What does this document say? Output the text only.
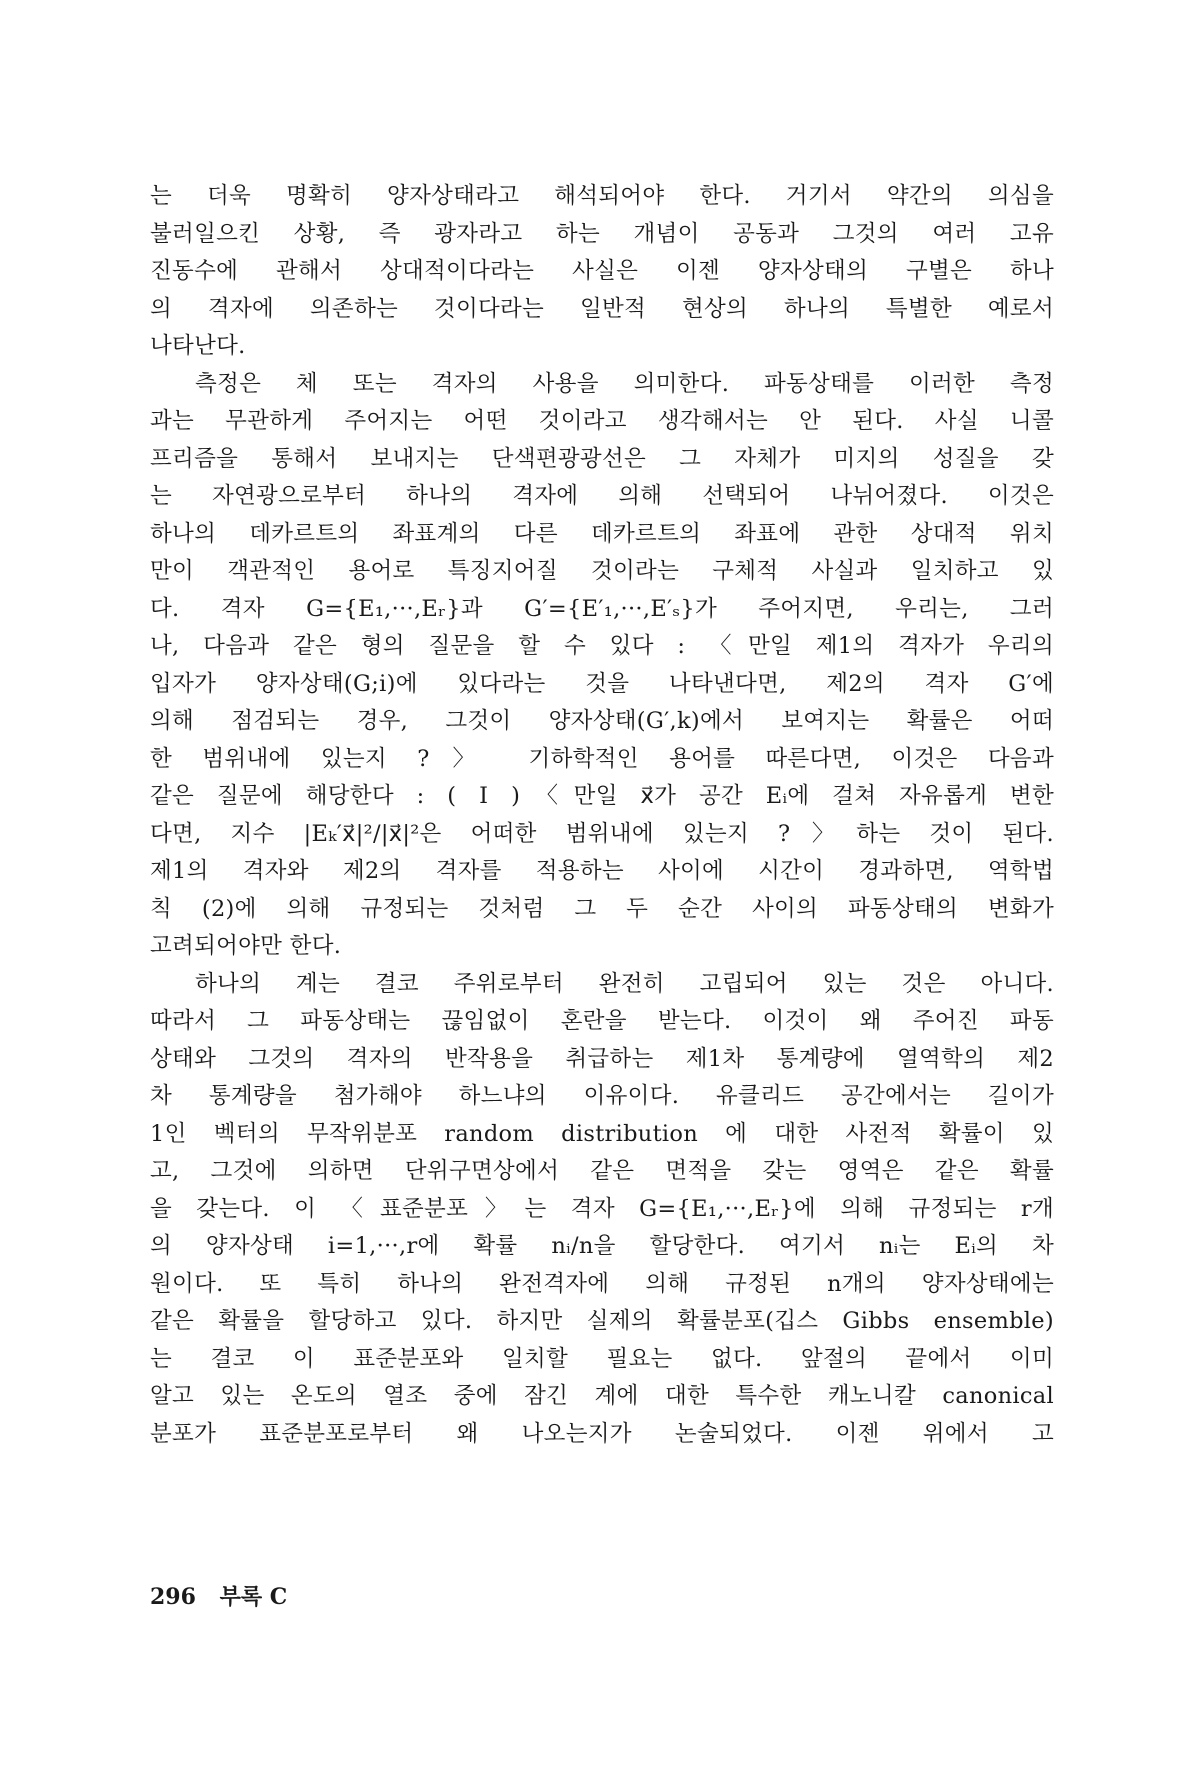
는 더욱 명확히 양자상태라고 해석되어야 한다. 거기서 약간의 의심을
불러일으킨 상황, 즉 광자라고 하는 개념이 공동과 그것의 여러 고유
진동수에 관해서 상대적이다라는 사실은 이젠 양자상태의 구별은 하나
의 격자에 의존하는 것이다라는 일반적 현상의 하나의 특별한 예로서
나타난다.
측정은 체 또는 격자의 사용을 의미한다. 파동상태를 이러한 측정
과는 무관하게 주어지는 어떤 것이라고 생각해서는 안 된다. 사실 니콜
프리즘을 통해서 보내지는 단색편광광선은 그 자체가 미지의 성질을 갖
는 자연광으로부터 하나의 격자에 의해 선택되어 나뉘어졌다. 이것은
하나의 데카르트의 좌표계의 다른 데카르트의 좌표에 관한 상대적 위치
만이 객관적인 용어로 특징지어질 것이라는 구체적 사실과 일치하고 있
다. 격자 G={E₁,···,Eᵣ}과 G′={E′₁,···,E′ₛ}가 주어지면, 우리는, 그러
나, 다음과 같은 형의 질문을 할 수 있다 : 〈만일 제1의 격자가 우리의
입자가 양자상태(G;i)에 있다라는 것을 나타낸다면, 제2의 격자 G′에
의해 점검되는 경우, 그것이 양자상태(G′,k)에서 보여지는 확률은 어떠
한 범위내에 있는지 ?〉 기하학적인 용어를 따른다면, 이것은 다음과
같은 질문에 해당한다 : ( I )〈만일 x⃗가 공간 Eᵢ에 걸쳐 자유롭게 변한
다면, 지수 |Eₖ′x⃗|²/|x⃗|²은 어떠한 범위내에 있는지 ?〉하는 것이 된다.
제1의 격자와 제2의 격자를 적용하는 사이에 시간이 경과하면, 역학법
칙 (2)에 의해 규정되는 것처럼 그 두 순간 사이의 파동상태의 변화가
고려되어야만 한다.
하나의 계는 결코 주위로부터 완전히 고립되어 있는 것은 아니다.
따라서 그 파동상태는 끊임없이 혼란을 받는다. 이것이 왜 주어진 파동
상태와 그것의 격자의 반작용을 취급하는 제1차 통계량에 열역학의 제2
차 통계량을 첨가해야 하느냐의 이유이다. 유클리드 공간에서는 길이가
1인 벡터의 무작위분포 random distribution 에 대한 사전적 확률이 있
고, 그것에 의하면 단위구면상에서 같은 면적을 갖는 영역은 같은 확률
을 갖는다. 이 〈표준분포〉는 격자 G={E₁,···,Eᵣ}에 의해 규정되는 r개
의 양자상태 i=1,···,r에 확률 nᵢ/n을 할당한다. 여기서 nᵢ는 Eᵢ의 차
원이다. 또 특히 하나의 완전격자에 의해 규정된 n개의 양자상태에는
같은 확률을 할당하고 있다. 하지만 실제의 확률분포(깁스 Gibbs ensemble)
는 결코 이 표준분포와 일치할 필요는 없다. 앞절의 끝에서 이미
알고 있는 온도의 열조 중에 잠긴 계에 대한 특수한 캐노니칼 canonical
분포가 표준분포로부터 왜 나오는지가 논술되었다. 이젠 위에서 고
296 부록 C
